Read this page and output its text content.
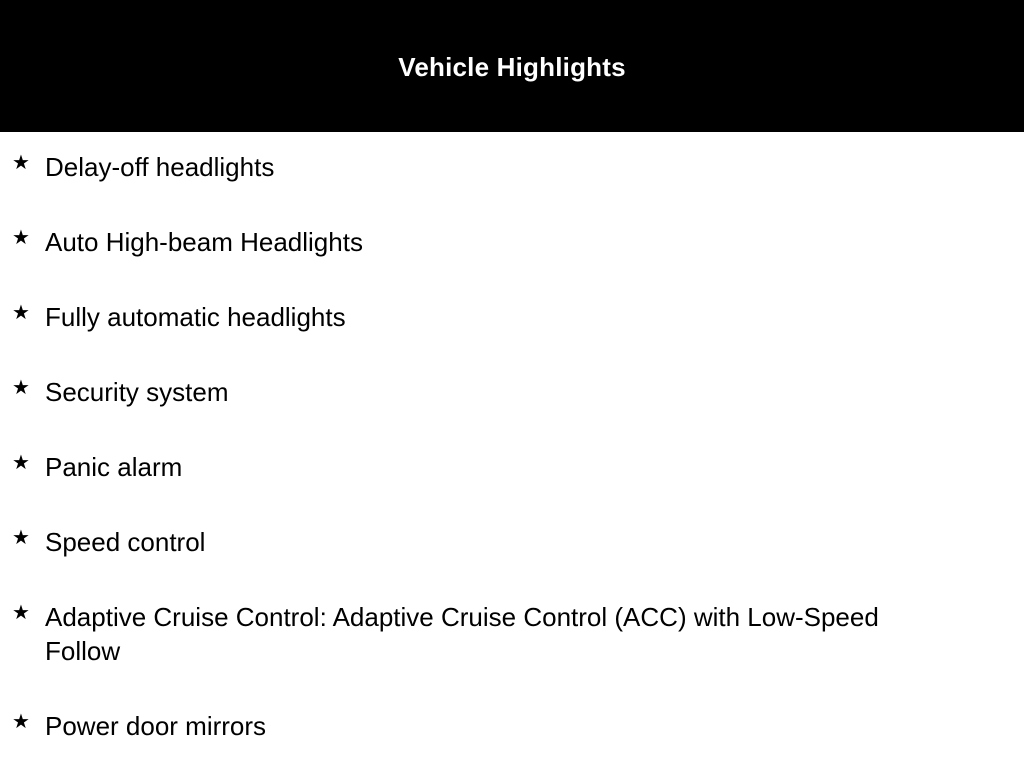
Vehicle Highlights
★ Delay-off headlights
★ Auto High-beam Headlights
★ Fully automatic headlights
★ Security system
★ Panic alarm
★ Speed control
★ Adaptive Cruise Control: Adaptive Cruise Control (ACC) with Low-Speed Follow
★ Power door mirrors
